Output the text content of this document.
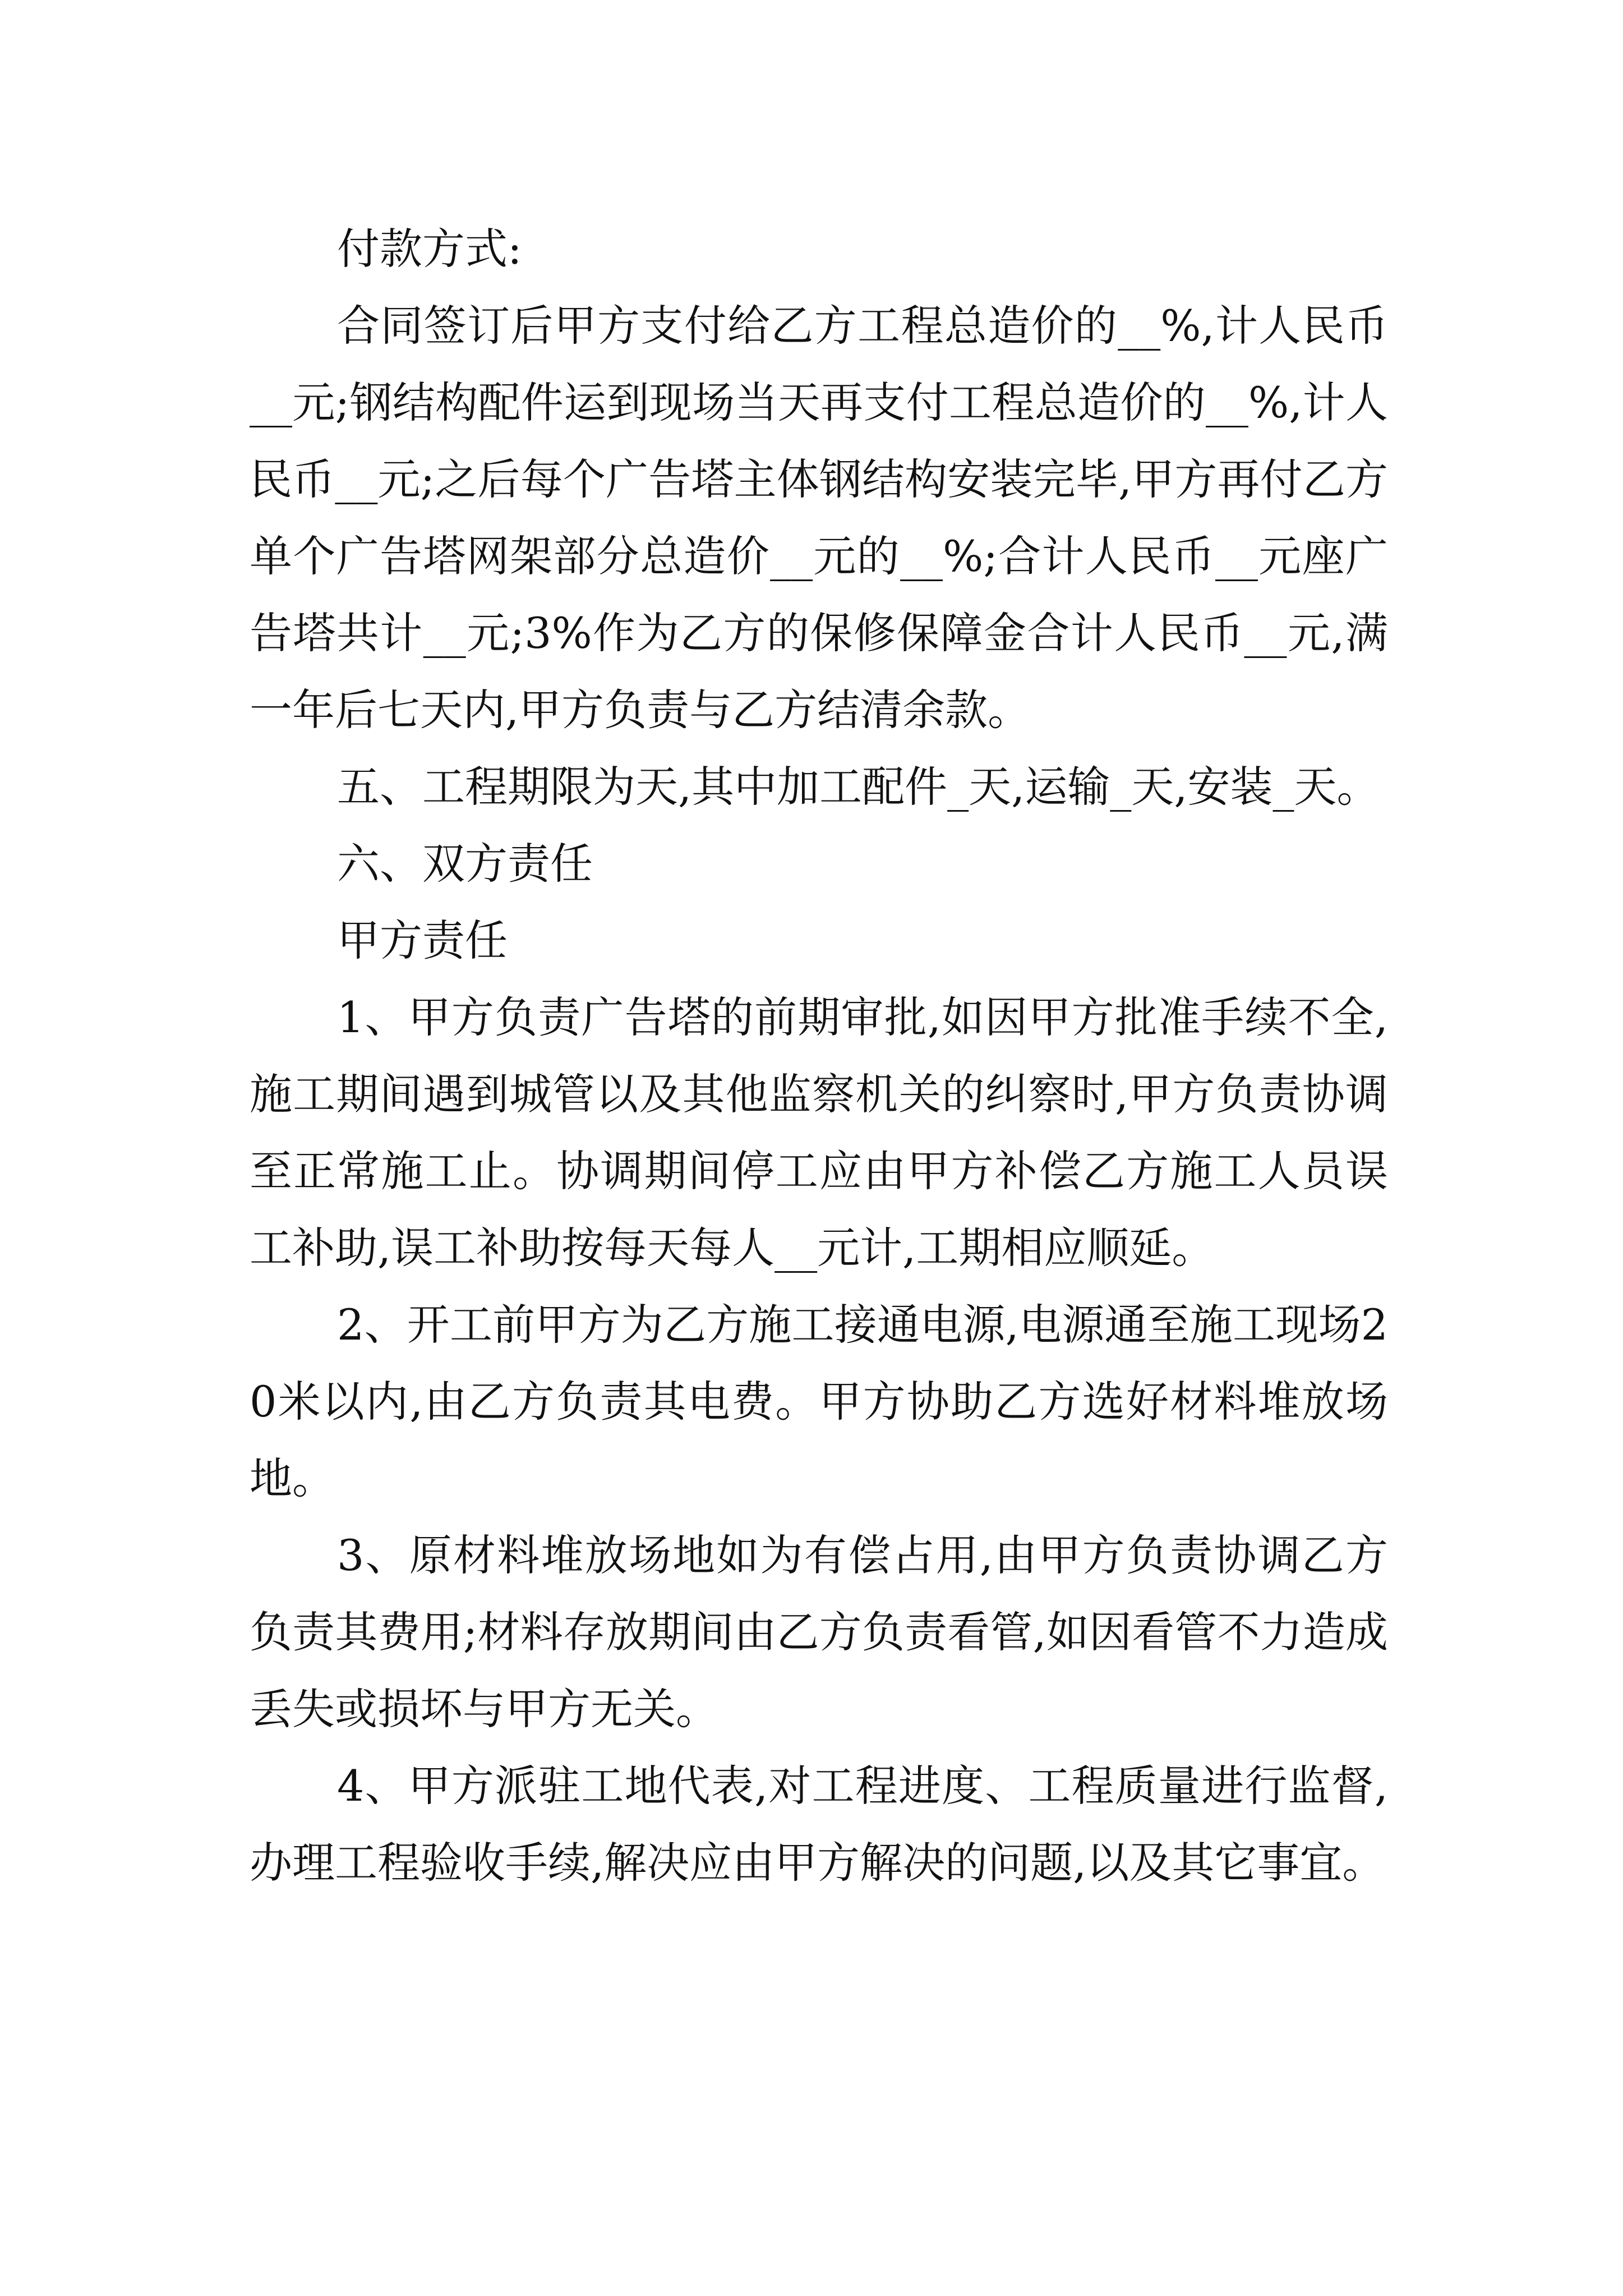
付款方式:

合同签订后甲方支付给乙方工程总造价的__%,计人民币__元;钢结构配件运到现场当天再支付工程总造价的__%,计人民币__元;之后每个广告塔主体钢结构安装完毕,甲方再付乙方单个广告塔网架部分总造价__元的__%;合计人民币__元座广告塔共计__元;3%作为乙方的保修保障金合计人民币__元,满一年后七天内,甲方负责与乙方结清余款。

五、工程期限为天,其中加工配件_天,运输_天,安装_天。

六、双方责任

甲方责任

1、甲方负责广告塔的前期审批,如因甲方批准手续不全,施工期间遇到城管以及其他监察机关的纠察时,甲方负责协调至正常施工止。协调期间停工应由甲方补偿乙方施工人员误工补助,误工补助按每天每人__元计,工期相应顺延。

2、开工前甲方为乙方施工接通电源,电源通至施工现场20米以内,由乙方负责其电费。甲方协助乙方选好材料堆放场地。

3、原材料堆放场地如为有偿占用,由甲方负责协调乙方负责其费用;材料存放期间由乙方负责看管,如因看管不力造成丢失或损坏与甲方无关。

4、甲方派驻工地代表,对工程进度、工程质量进行监督,办理工程验收手续,解决应由甲方解决的问题,以及其它事宜。
